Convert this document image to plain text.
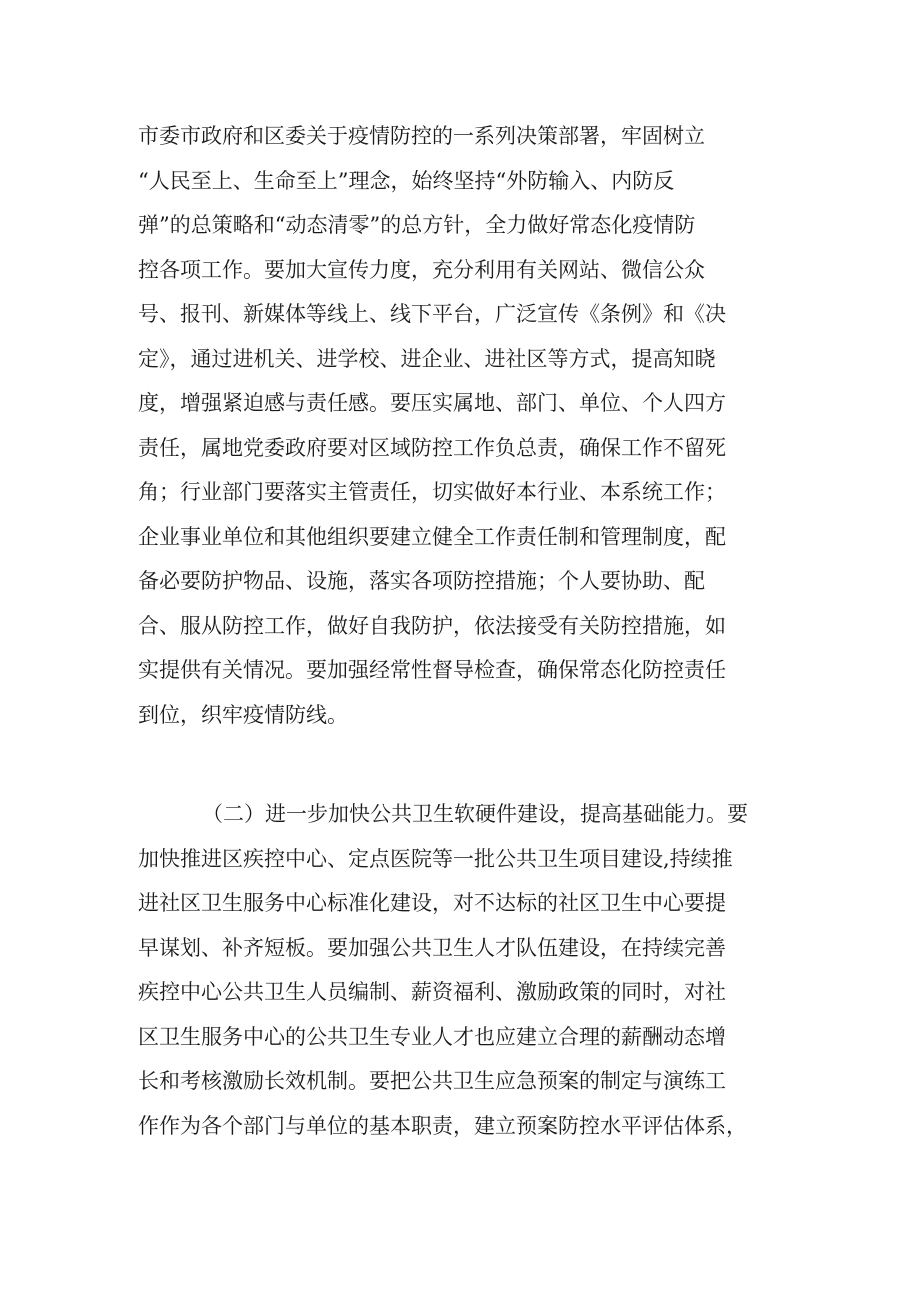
市委市政府和区委关于疫情防控的一系列决策部署，牢固树立
“人民至上、生命至上”理念，始终坚持“外防输入、内防反
弹”的总策略和“动态清零”的总方针，全力做好常态化疫情防
控各项工作。要加大宣传力度，充分利用有关网站、微信公众
号、报刊、新媒体等线上、线下平台，广泛宣传《条例》和《决
定》，通过进机关、进学校、进企业、进社区等方式，提高知晓
度，增强紧迫感与责任感。要压实属地、部门、单位、个人四方
责任，属地党委政府要对区域防控工作负总责，确保工作不留死
角；行业部门要落实主管责任，切实做好本行业、本系统工作；
企业事业单位和其他组织要建立健全工作责任制和管理制度，配
备必要防护物品、设施，落实各项防控措施；个人要协助、配
合、服从防控工作，做好自我防护，依法接受有关防控措施，如
实提供有关情况。要加强经常性督导检查，确保常态化防控责任
到位，织牢疫情防线。
（二）进一步加快公共卫生软硬件建设，提高基础能力。要
加快推进区疾控中心、定点医院等一批公共卫生项目建设,持续推
进社区卫生服务中心标准化建设，对不达标的社区卫生中心要提
早谋划、补齐短板。要加强公共卫生人才队伍建设，在持续完善
疾控中心公共卫生人员编制、薪资福利、激励政策的同时，对社
区卫生服务中心的公共卫生专业人才也应建立合理的薪酬动态增
长和考核激励长效机制。要把公共卫生应急预案的制定与演练工
作作为各个部门与单位的基本职责，建立预案防控水平评估体系，
